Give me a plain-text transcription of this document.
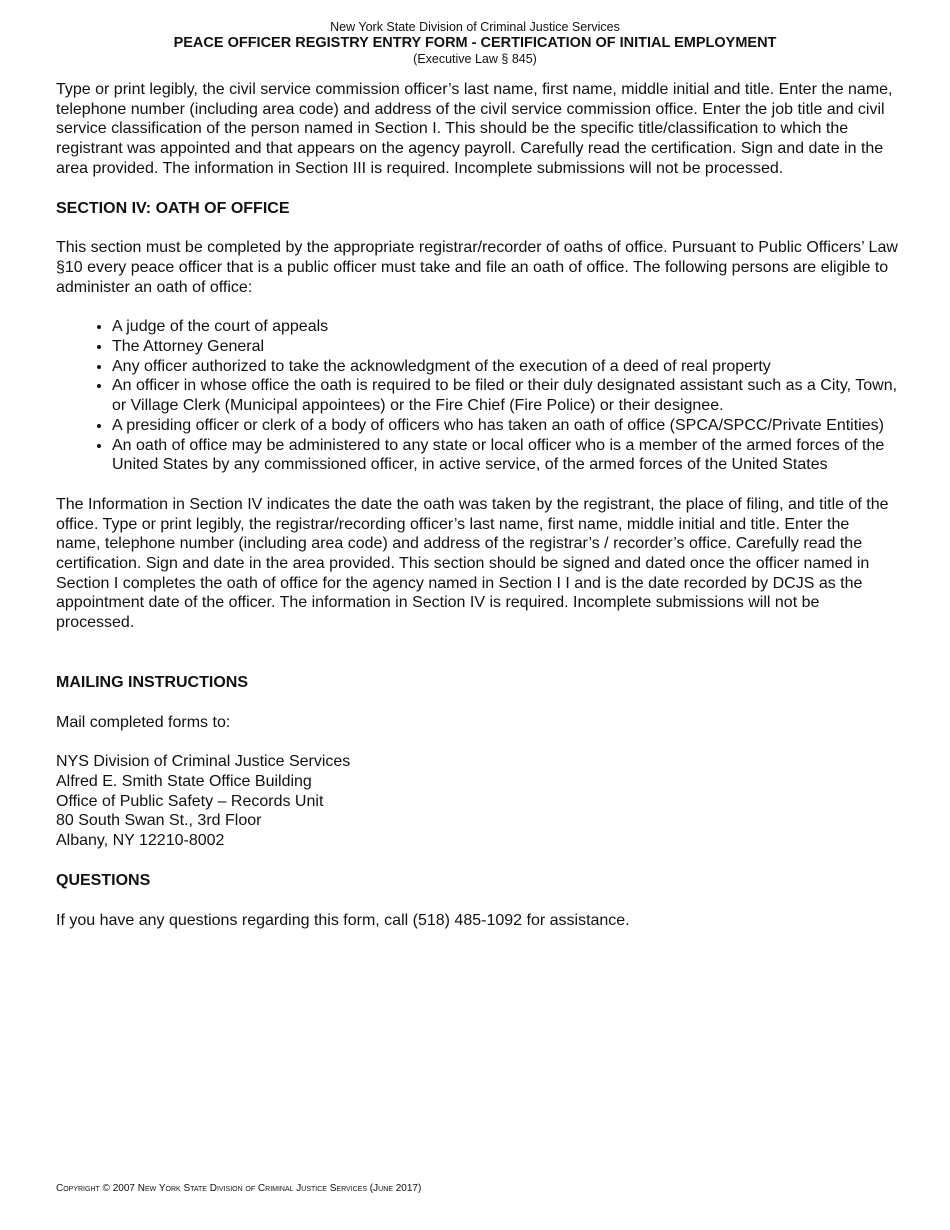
New York State Division of Criminal Justice Services
PEACE OFFICER REGISTRY ENTRY FORM - CERTIFICATION OF INITIAL EMPLOYMENT
(Executive Law § 845)

Type or print legibly, the civil service commission officer’s last name, first name, middle initial and title. Enter the name, telephone number (including area code) and address of the civil service commission office. Enter the job title and civil service classification of the person named in Section I. This should be the specific title/classification to which the registrant was appointed and that appears on the agency payroll. Carefully read the certification. Sign and date in the area provided. The information in Section III is required. Incomplete submissions will not be processed.

SECTION IV: OATH OF OFFICE

This section must be completed by the appropriate registrar/recorder of oaths of office. Pursuant to Public Officers’ Law §10 every peace officer that is a public officer must take and file an oath of office. The following persons are eligible to administer an oath of office:

• A judge of the court of appeals
• The Attorney General
• Any officer authorized to take the acknowledgment of the execution of a deed of real property
• An officer in whose office the oath is required to be filed or their duly designated assistant such as a City, Town, or Village Clerk (Municipal appointees) or the Fire Chief (Fire Police) or their designee.
• A presiding officer or clerk of a body of officers who has taken an oath of office (SPCA/SPCC/Private Entities)
• An oath of office may be administered to any state or local officer who is a member of the armed forces of the United States by any commissioned officer, in active service, of the armed forces of the United States

The Information in Section IV indicates the date the oath was taken by the registrant, the place of filing, and title of the office. Type or print legibly, the registrar/recording officer’s last name, first name, middle initial and title. Enter the name, telephone number (including area code) and address of the registrar’s / recorder’s office. Carefully read the certification. Sign and date in the area provided. This section should be signed and dated once the officer named in Section I completes the oath of office for the agency named in Section I I and is the date recorded by DCJS as the appointment date of the officer. The information in Section IV is required. Incomplete submissions will not be processed.

MAILING INSTRUCTIONS

Mail completed forms to:

NYS Division of Criminal Justice Services

Alfred E. Smith State Office Building

Office of Public Safety – Records Unit

80 South Swan St., 3rd Floor

Albany, NY 12210-8002

QUESTIONS

If you have any questions regarding this form, call (518) 485-1092 for assistance.

Copyright © 2007 New York State Division of Criminal Justice Services (June 2017)
